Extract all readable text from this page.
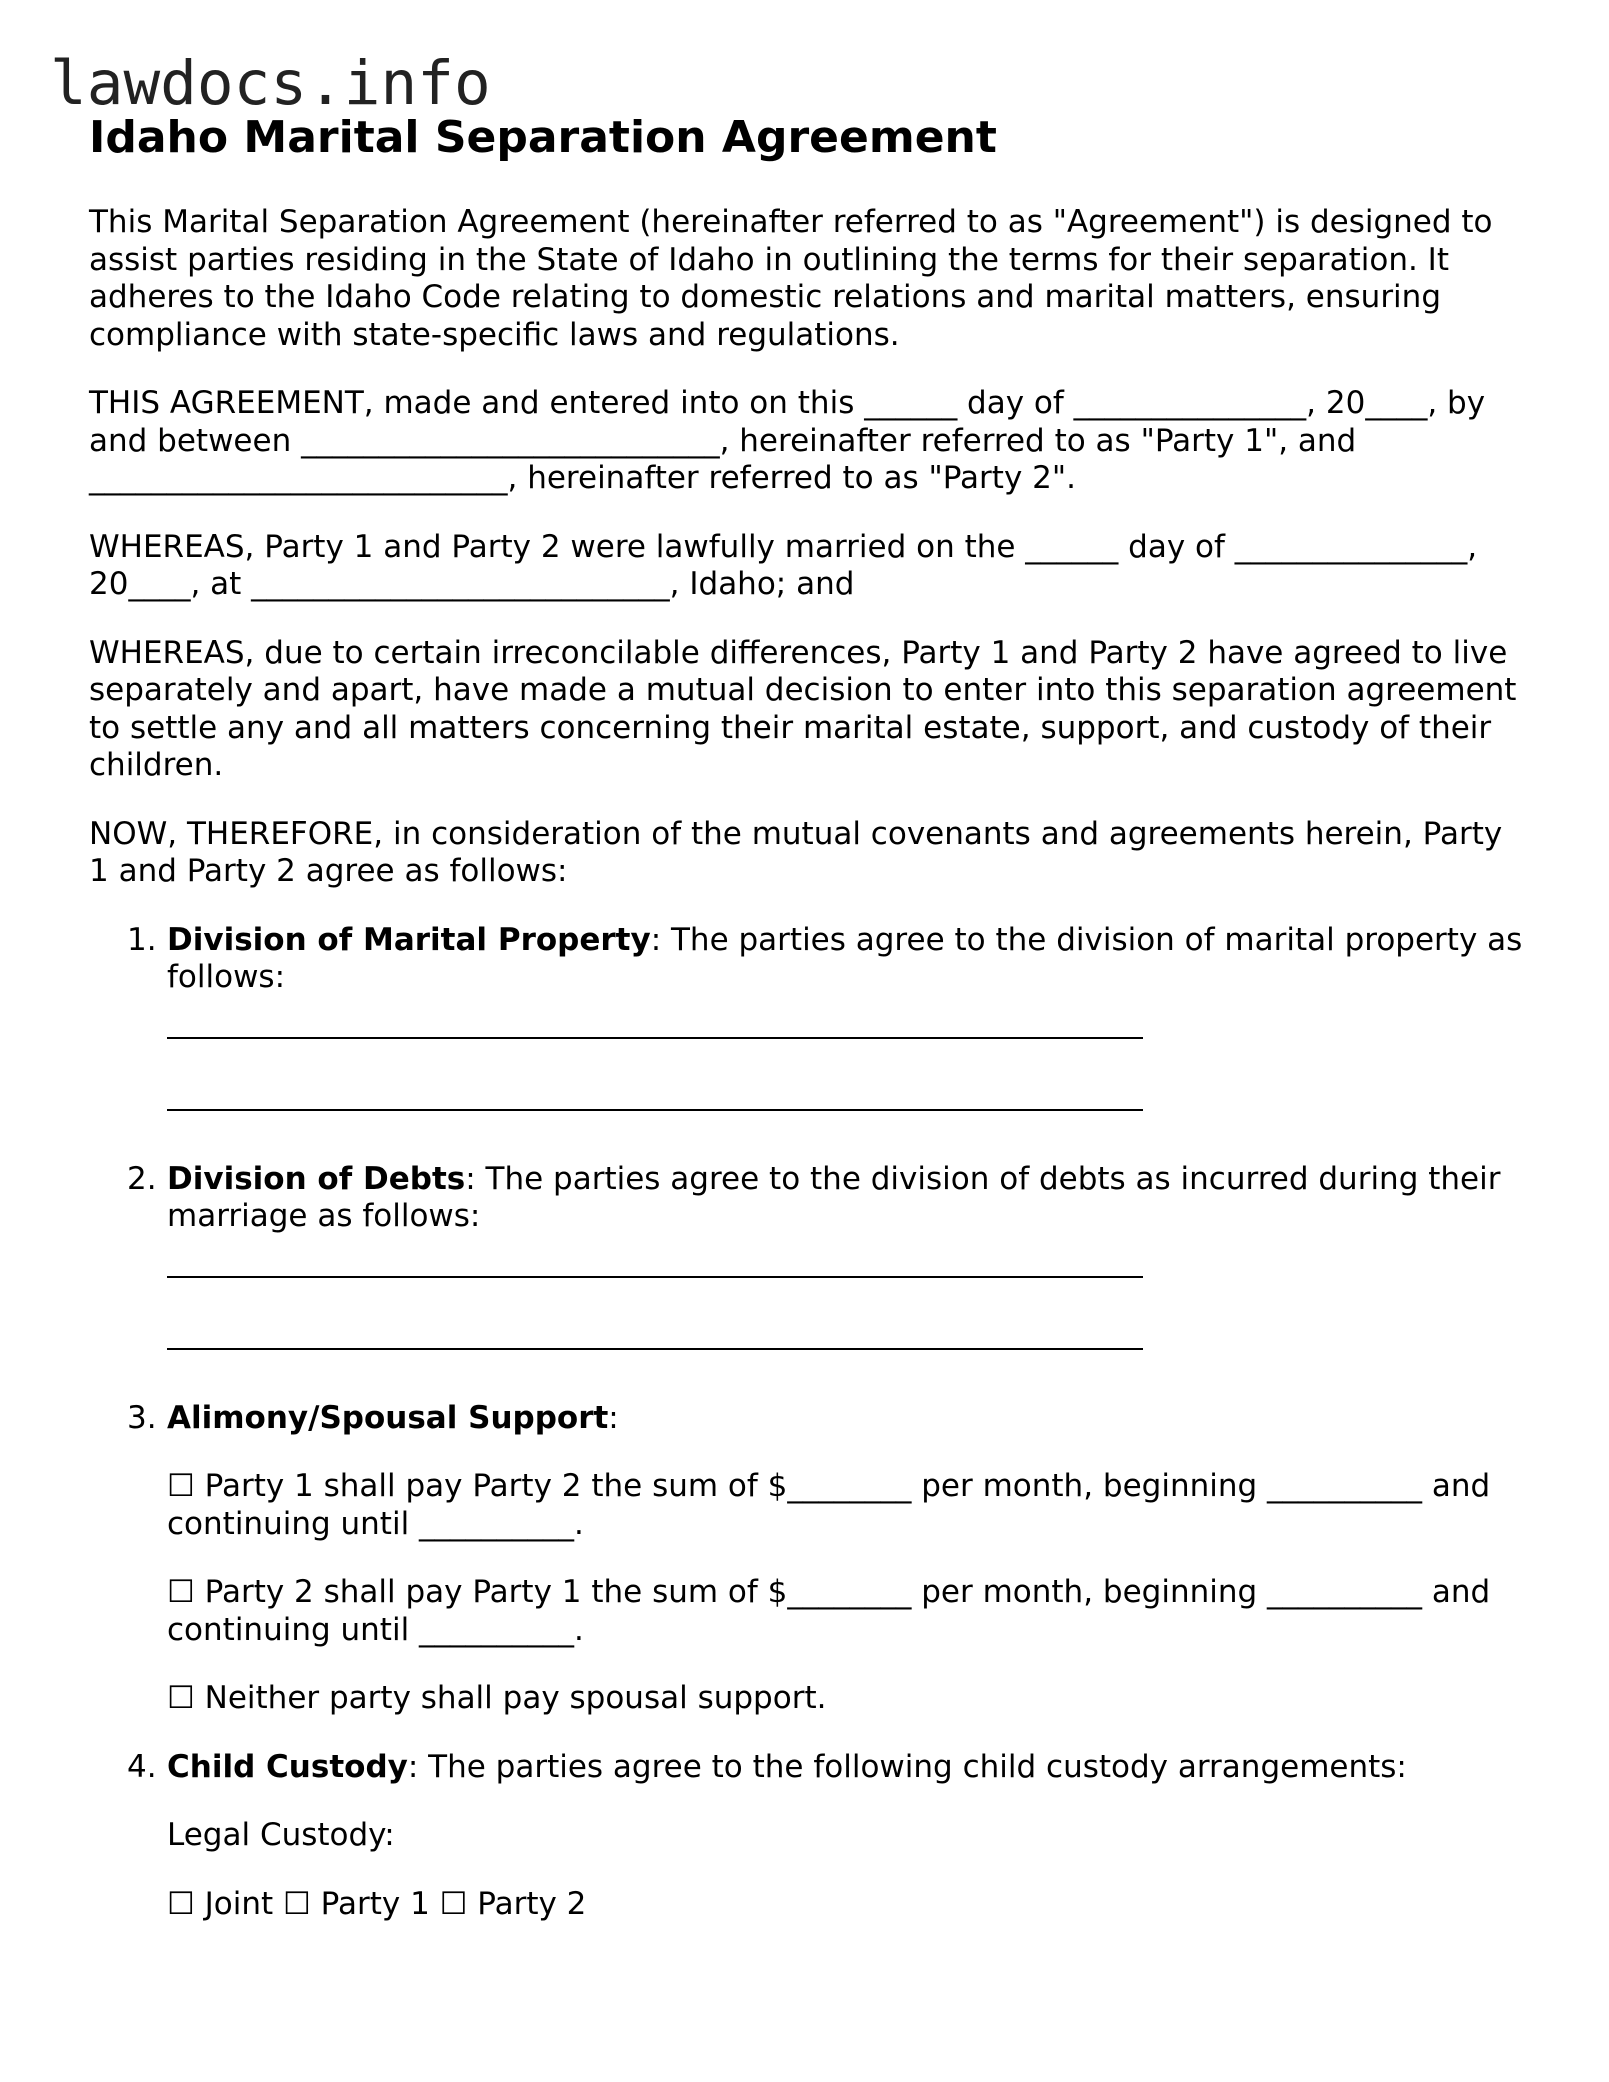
lawdocs.info
Idaho Marital Separation Agreement

This Marital Separation Agreement (hereinafter referred to as "Agreement") is designed to assist parties residing in the State of Idaho in outlining the terms for their separation. It adheres to the Idaho Code relating to domestic relations and marital matters, ensuring compliance with state-specific laws and regulations.

THIS AGREEMENT, made and entered into on this ______ day of _______________, 20____, by and between ___________________________, hereinafter referred to as "Party 1", and ___________________________, hereinafter referred to as "Party 2".

WHEREAS, Party 1 and Party 2 were lawfully married on the ______ day of _______________, 20____, at ___________________________, Idaho; and

WHEREAS, due to certain irreconcilable differences, Party 1 and Party 2 have agreed to live separately and apart, have made a mutual decision to enter into this separation agreement to settle any and all matters concerning their marital estate, support, and custody of their children.

NOW, THEREFORE, in consideration of the mutual covenants and agreements herein, Party 1 and Party 2 agree as follows:

1. Division of Marital Property: The parties agree to the division of marital property as follows:

2. Division of Debts: The parties agree to the division of debts as incurred during their marriage as follows:

3. Alimony/Spousal Support:

☐ Party 1 shall pay Party 2 the sum of $________ per month, beginning __________ and continuing until __________.

☐ Party 2 shall pay Party 1 the sum of $________ per month, beginning __________ and continuing until __________.

☐ Neither party shall pay spousal support.

4. Child Custody: The parties agree to the following child custody arrangements:

Legal Custody:

☐ Joint ☐ Party 1 ☐ Party 2
